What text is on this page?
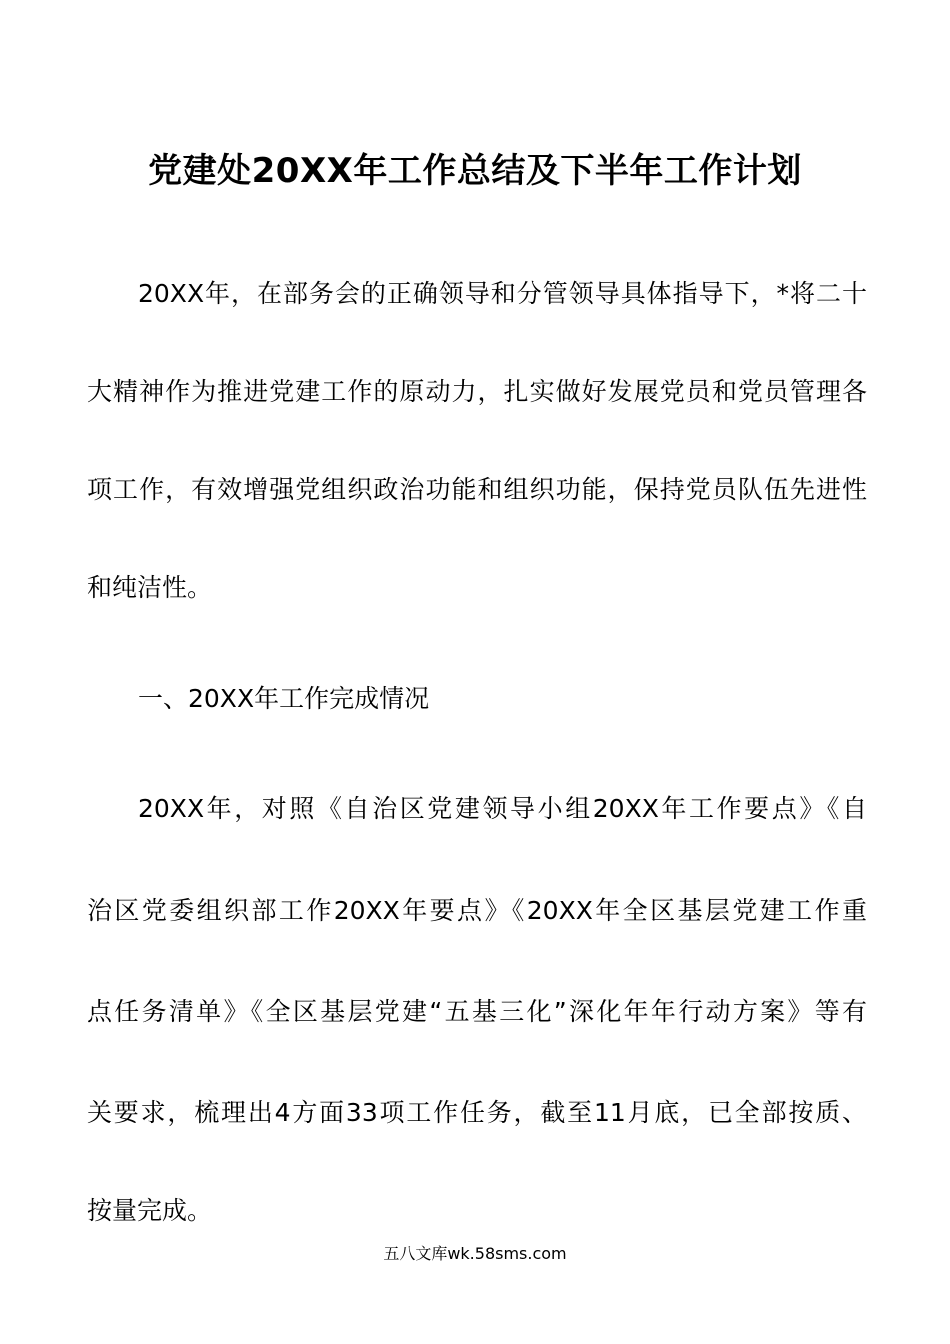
党建处20XX年工作总结及下半年工作计划
20XX年，在部务会的正确领导和分管领导具体指导下，*将二十
大精神作为推进党建工作的原动力，扎实做好发展党员和党员管理各
项工作，有效增强党组织政治功能和组织功能，保持党员队伍先进性
和纯洁性。
一、20XX年工作完成情况
20XX年，对照《自治区党建领导小组20XX年工作要点》《自
治区党委组织部工作20XX年要点》《20XX年全区基层党建工作重
点任务清单》《全区基层党建“五基三化”深化年年行动方案》等有
关要求，梳理出4方面33项工作任务，截至11月底，已全部按质、
按量完成。
五八文库wk.58sms.com
